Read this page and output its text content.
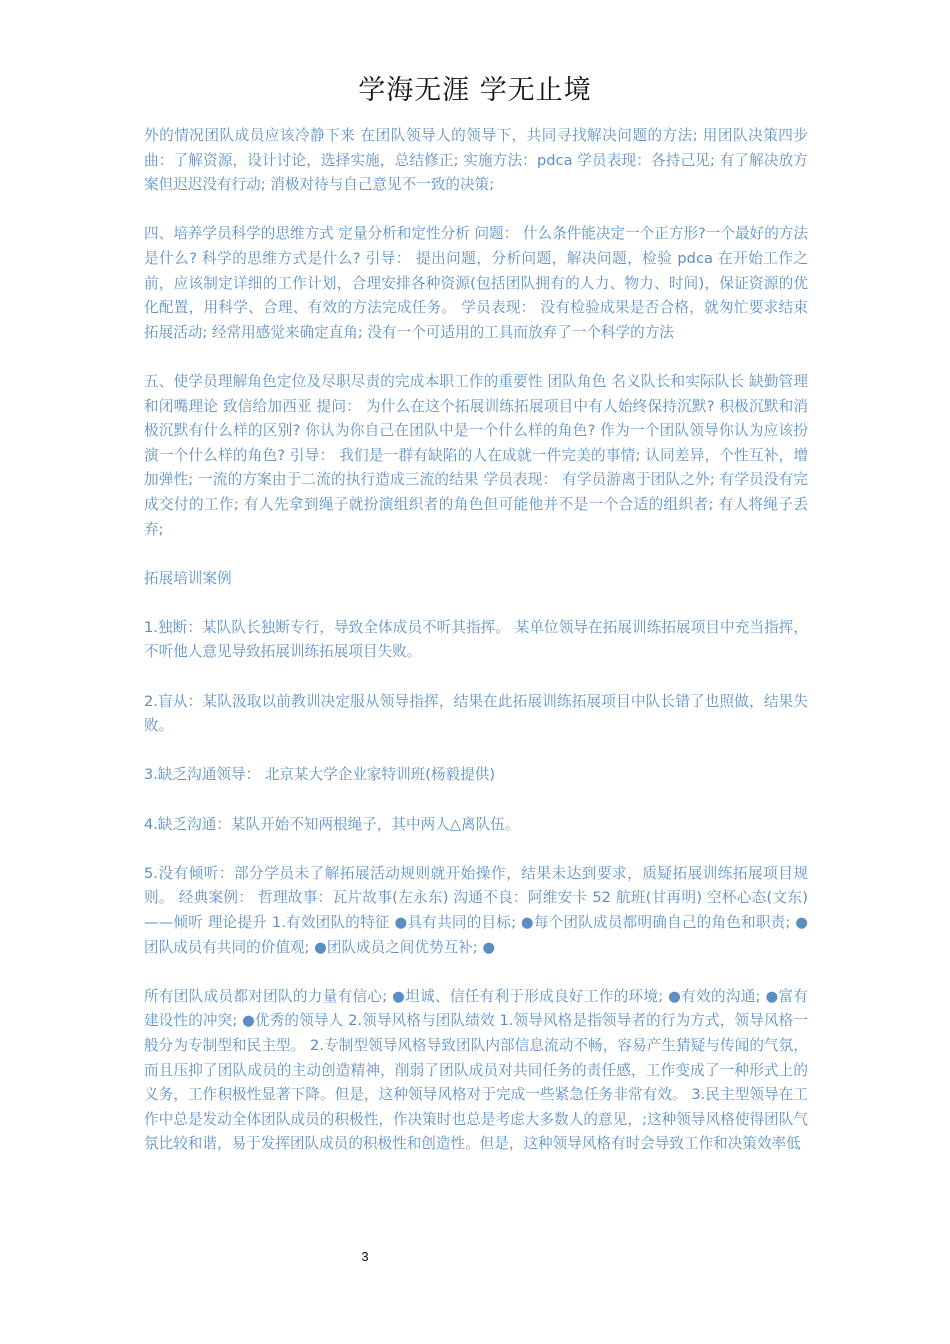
学海无涯 学无止境

外的情况团队成员应该冷静下来 在团队领导人的领导下，共同寻找解决问题的方法; 用团队决策四步曲：了解资源，设计讨论，选择实施，总结修正; 实施方法：pdca 学员表现：各持己见; 有了解决放方案但迟迟没有行动; 消极对待与自己意见不一致的决策;

四、培养学员科学的思维方式 定量分析和定性分析 问题： 什么条件能决定一个正方形?一个最好的方法是什么? 科学的思维方式是什么? 引导： 提出问题，分析问题，解决问题，检验 pdca 在开始工作之前，应该制定详细的工作计划，合理安排各种资源(包括团队拥有的人力、物力、时间)，保证资源的优化配置，用科学、合理、有效的方法完成任务。 学员表现： 没有检验成果是否合格，就匆忙要求结束拓展活动; 经常用感觉来确定直角; 没有一个可适用的工具而放弃了一个科学的方法

五、使学员理解角色定位及尽职尽责的完成本职工作的重要性 团队角色 名义队长和实际队长 缺勤管理和闭嘴理论 致信给加西亚 提问： 为什么在这个拓展训练拓展项目中有人始终保持沉默? 积极沉默和消极沉默有什么样的区别? 你认为你自己在团队中是一个什么样的角色? 作为一个团队领导你认为应该扮演一个什么样的角色? 引导： 我们是一群有缺陷的人在成就一件完美的事情; 认同差异，个性互补，增加弹性; 一流的方案由于二流的执行造成三流的结果 学员表现： 有学员游离于团队之外; 有学员没有完成交付的工作; 有人先拿到绳子就扮演组织者的角色但可能他并不是一个合适的组织者; 有人将绳子丢弃;

拓展培训案例

1.独断：某队队长独断专行，导致全体成员不听其指挥。 某单位领导在拓展训练拓展项目中充当指挥，不听他人意见导致拓展训练拓展项目失败。

2.盲从：某队汲取以前教训决定服从领导指挥，结果在此拓展训练拓展项目中队长错了也照做，结果失败。

3.缺乏沟通领导： 北京某大学企业家特训班(杨毅提供)

4.缺乏沟通：某队开始不知两根绳子，其中两人△离队伍。

5.没有倾听：部分学员未了解拓展活动规则就开始操作，结果未达到要求，质疑拓展训练拓展项目规则。 经典案例： 哲理故事：瓦片故事(左永东) 沟通不良：阿维安卡 52 航班(甘再明) 空杯心态(文东)——倾听 理论提升 1.有效团队的特征 ●具有共同的目标; ●每个团队成员都明确自己的角色和职责; ●团队成员有共同的价值观; ●团队成员之间优势互补; ●

所有团队成员都对团队的力量有信心; ●坦诚、信任有利于形成良好工作的环境; ●有效的沟通; ●富有建设性的冲突; ●优秀的领导人 2.领导风格与团队绩效 1.领导风格是指领导者的行为方式，领导风格一般分为专制型和民主型。 2.专制型领导风格导致团队内部信息流动不畅，容易产生猜疑与传闻的气氛，而且压抑了团队成员的主动创造精神，削弱了团队成员对共同任务的责任感，工作变成了一种形式上的义务，工作积极性显著下降。但是，这种领导风格对于完成一些紧急任务非常有效。 3.民主型领导在工作中总是发动全体团队成员的积极性，作决策时也总是考虑大多数人的意见，;这种领导风格使得团队气氛比较和谐，易于发挥团队成员的积极性和创造性。但是，这种领导风格有时会导致工作和决策效率低

3
